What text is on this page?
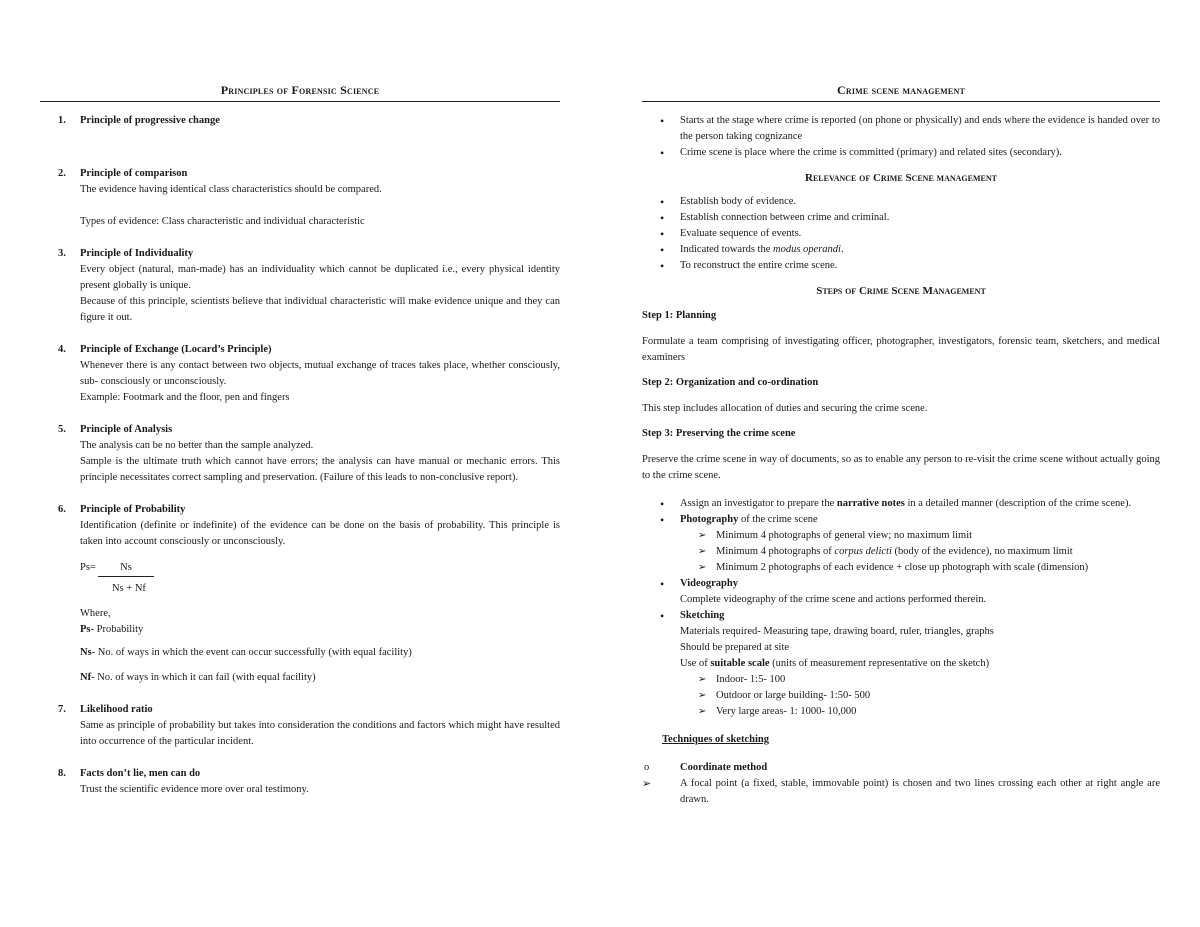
Principles of Forensic Science
1.	Principle of progressive change
2.	Principle of comparison
The evidence having identical class characteristics should be compared.
Types of evidence: Class characteristic and individual characteristic
3.	Principle of Individuality
Every object (natural, man-made) has an individuality which cannot be duplicated i.e., every physical identity present globally is unique.
Because of this principle, scientists believe that individual characteristic will make evidence unique and they can figure it out.
4.	Principle of Exchange (Locard’s Principle)
Whenever there is any contact between two objects, mutual exchange of traces takes place, whether consciously, sub- consciously or unconsciously.
Example: Footmark and the floor, pen and fingers
5.	Principle of Analysis
The analysis can be no better than the sample analyzed.
Sample is the ultimate truth which cannot have errors; the analysis can have manual or mechanic errors. This principle necessitates correct sampling and preservation. (Failure of this leads to non-conclusive report).
6.	Principle of Probability
Identification (definite or indefinite) of the evidence can be done on the basis of probability. This principle is taken into account consciously or unconsciously.
Ps=	Ns
Ns + Nf
Where,
Ps- Probability
Ns- No. of ways in which the event can occur successfully (with equal facility)
Nf- No. of ways in which it can fail (with equal facility)
7.	Likelihood ratio
Same as principle of probability but takes into consideration the conditions and factors which might have resulted into occurrence of the particular incident.
8.	Facts don’t lie, men can do
Trust the scientific evidence more over oral testimony.
Crime scene management
• Starts at the stage where crime is reported (on phone or physically) and ends where the evidence is handed over to the person taking cognizance
• Crime scene is place where the crime is committed (primary) and related sites (secondary).
Relevance of Crime Scene management
• Establish body of evidence.
• Establish connection between crime and criminal.
• Evaluate sequence of events.
• Indicated towards the modus operandi.
• To reconstruct the entire crime scene.
Steps of Crime Scene Management
Step 1: Planning
Formulate a team comprising of investigating officer, photographer, investigators, forensic team, sketchers, and medical examiners
Step 2: Organization and co-ordination
This step includes allocation of duties and securing the crime scene.
Step 3: Preserving the crime scene
Preserve the crime scene in way of documents, so as to enable any person to re-visit the crime scene without actually going to the crime scene.
• Assign an investigator to prepare the narrative notes in a detailed manner (description of the crime scene).
• Photography of the crime scene
➢ Minimum 4 photographs of general view; no maximum limit
➢ Minimum 4 photographs of corpus delicti (body of the evidence), no maximum limit
➢ Minimum 2 photographs of each evidence + close up photograph with scale (dimension)
• Videography
Complete videography of the crime scene and actions performed therein.
• Sketching
Materials required- Measuring tape, drawing board, ruler, triangles, graphs
Should be prepared at site
Use of suitable scale (units of measurement representative on the sketch)
➢ Indoor- 1:5- 100
➢ Outdoor or large building- 1:50- 500
➢ Very large areas- 1: 1000- 10,000
Techniques of sketching
o Coordinate method
➢ A focal point (a fixed, stable, immovable point) is chosen and two lines crossing each other at right angle are drawn.
